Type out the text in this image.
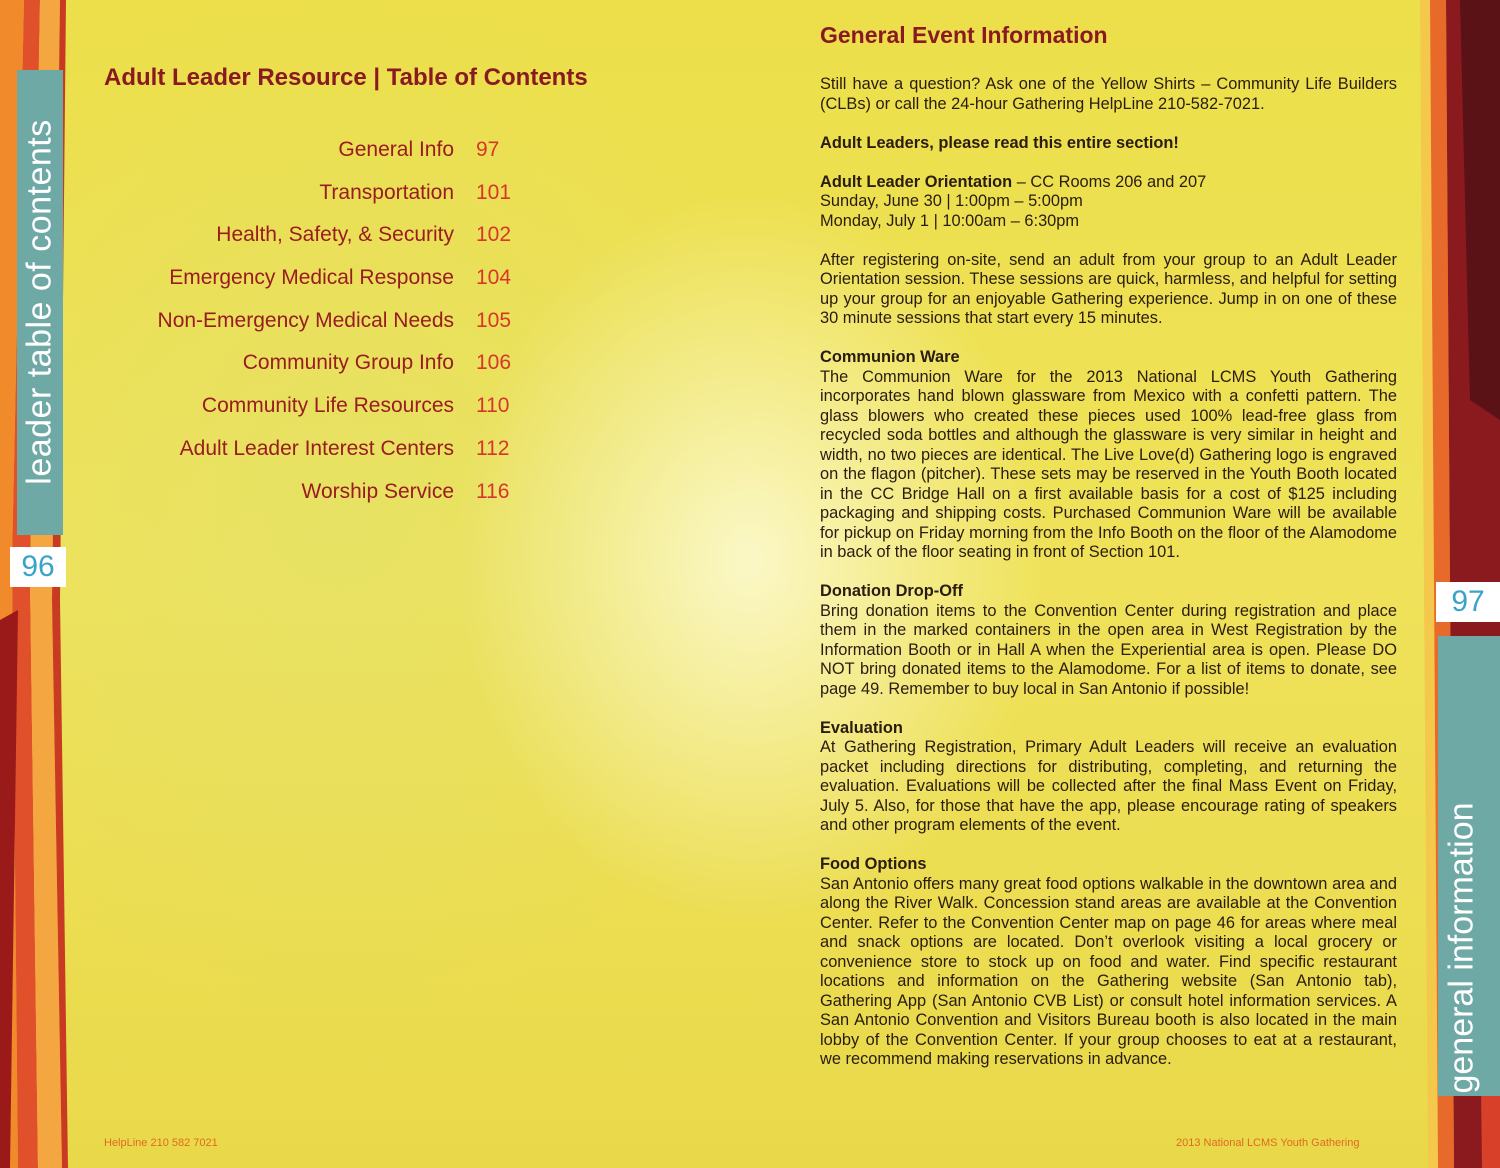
leader table of contents
96
97
general information
Adult Leader Resource | Table of Contents
General Info 97
Transportation 101
Health, Safety, & Security 102
Emergency Medical Response 104
Non-Emergency Medical Needs 105
Community Group Info 106
Community Life Resources 110
Adult Leader Interest Centers 112
Worship Service 116
General Event Information

Still have a question? Ask one of the Yellow Shirts – Community Life Builders (CLBs) or call the 24-hour Gathering HelpLine 210-582-7021.

Adult Leaders, please read this entire section!

Adult Leader Orientation – CC Rooms 206 and 207
Sunday, June 30 | 1:00pm – 5:00pm
Monday, July 1 | 10:00am – 6:30pm

After registering on-site, send an adult from your group to an Adult Leader Orientation session. These sessions are quick, harmless, and helpful for setting up your group for an enjoyable Gathering experience. Jump in on one of these 30 minute sessions that start every 15 minutes.

Communion Ware
The Communion Ware for the 2013 National LCMS Youth Gathering incorporates hand blown glassware from Mexico with a confetti pattern. The glass blowers who created these pieces used 100% lead-free glass from recycled soda bottles and although the glassware is very similar in height and width, no two pieces are identical. The Live Love(d) Gathering logo is engraved on the flagon (pitcher). These sets may be reserved in the Youth Booth located in the CC Bridge Hall on a first available basis for a cost of $125 including packaging and shipping costs. Purchased Communion Ware will be available for pickup on Friday morning from the Info Booth on the floor of the Alamodome in back of the floor seating in front of Section 101.

Donation Drop-Off
Bring donation items to the Convention Center during registration and place them in the marked containers in the open area in West Registration by the Information Booth or in Hall A when the Experiential area is open. Please DO NOT bring donated items to the Alamodome. For a list of items to donate, see page 49. Remember to buy local in San Antonio if possible!

Evaluation
At Gathering Registration, Primary Adult Leaders will receive an evaluation packet including directions for distributing, completing, and returning the evaluation. Evaluations will be collected after the final Mass Event on Friday, July 5. Also, for those that have the app, please encourage rating of speakers and other program elements of the event.

Food Options
San Antonio offers many great food options walkable in the downtown area and along the River Walk. Concession stand areas are available at the Convention Center. Refer to the Convention Center map on page 46 for areas where meal and snack options are located. Don’t overlook visiting a local grocery or convenience store to stock up on food and water. Find specific restaurant locations and information on the Gathering website (San Antonio tab), Gathering App (San Antonio CVB List) or consult hotel information services. A San Antonio Convention and Visitors Bureau booth is also located in the main lobby of the Convention Center. If your group chooses to eat at a restaurant, we recommend making reservations in advance.

HelpLine 210 582 7021	2013 National LCMS Youth Gathering
